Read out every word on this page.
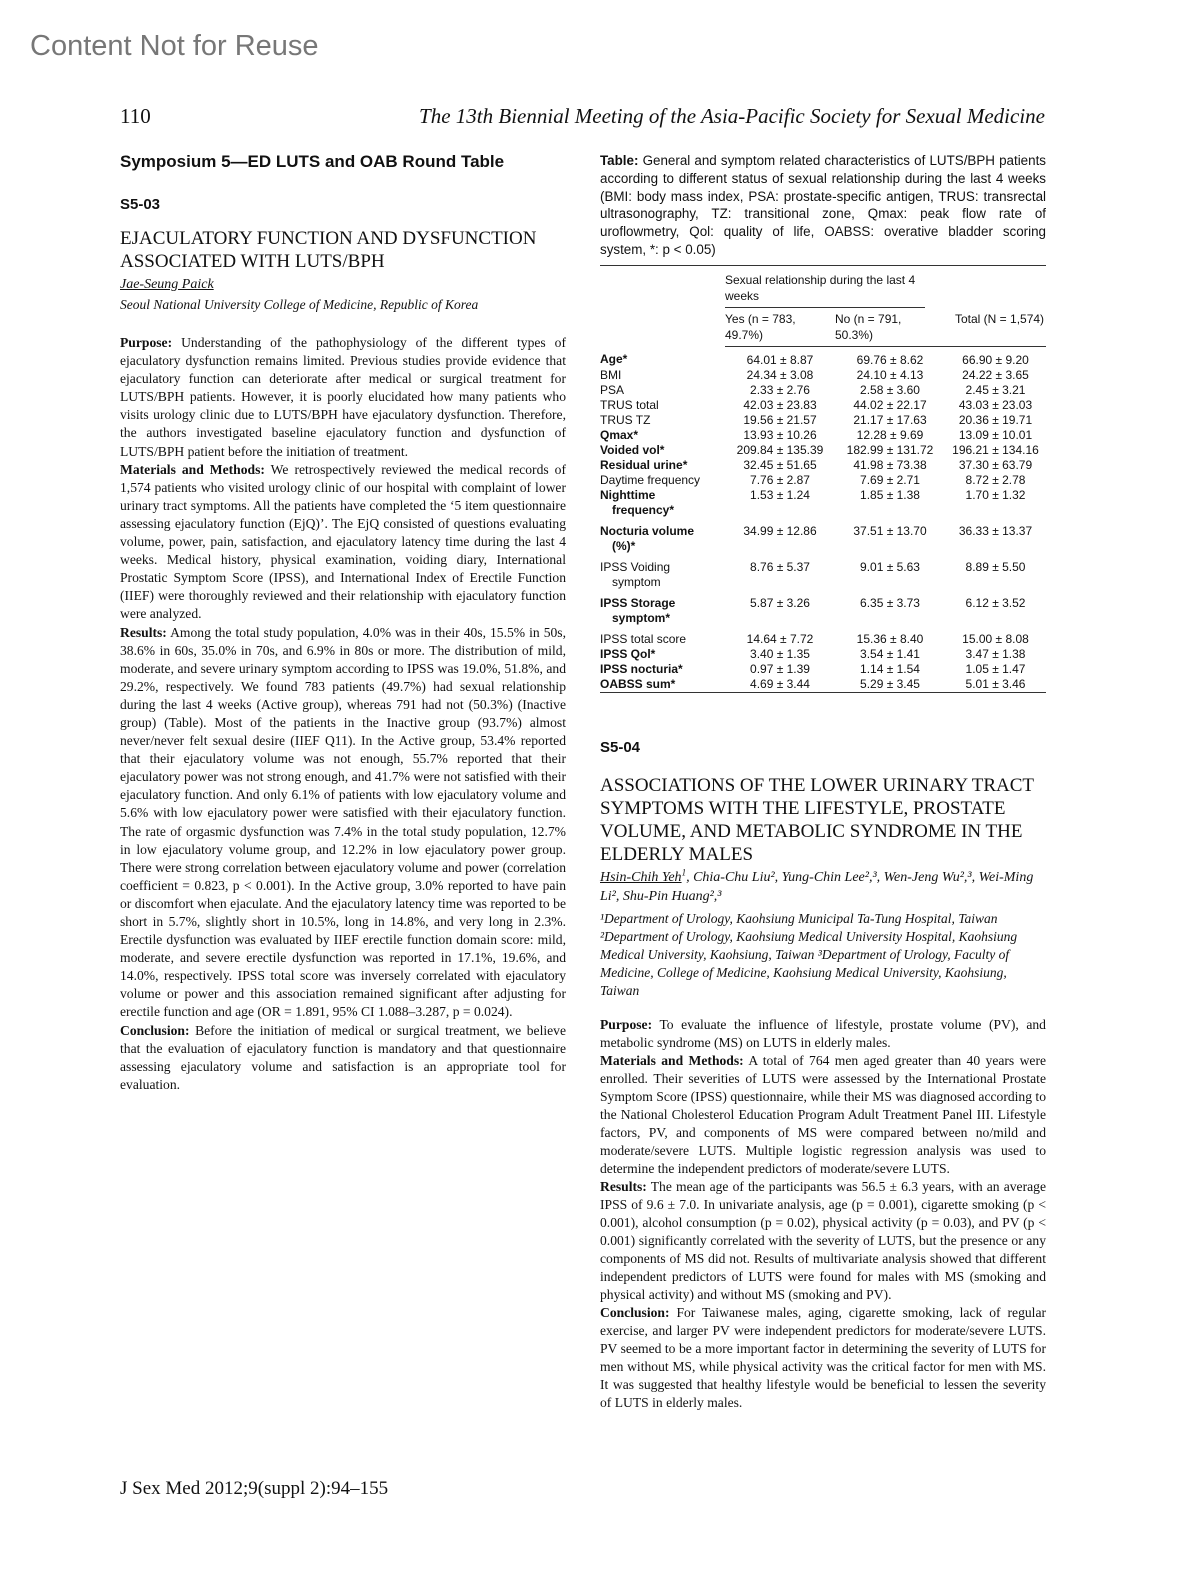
Content Not for Reuse
110	The 13th Biennial Meeting of the Asia-Pacific Society for Sexual Medicine
Symposium 5—ED LUTS and OAB Round Table
S5-03
EJACULATORY FUNCTION AND DYSFUNCTION ASSOCIATED WITH LUTS/BPH
Jae-Seung Paick
Seoul National University College of Medicine, Republic of Korea

Purpose: Understanding of the pathophysiology of the different types of ejaculatory dysfunction remains limited. Previous studies provide evidence that ejaculatory function can deteriorate after medical or surgical treatment for LUTS/BPH patients. However, it is poorly elucidated how many patients who visits urology clinic due to LUTS/BPH have ejaculatory dysfunction. Therefore, the authors investigated baseline ejaculatory function and dysfunction of LUTS/BPH patient before the initiation of treatment.

Materials and Methods: We retrospectively reviewed the medical records of 1,574 patients who visited urology clinic of our hospital with complaint of lower urinary tract symptoms. All the patients have completed the ‘5 item questionnaire assessing ejaculatory function (EjQ)’. The EjQ consisted of questions evaluating volume, power, pain, satisfaction, and ejaculatory latency time during the last 4 weeks. Medical history, physical examination, voiding diary, International Prostatic Symptom Score (IPSS), and International Index of Erectile Function (IIEF) were thoroughly reviewed and their relationship with ejaculatory function were analyzed.

Results: Among the total study population, 4.0% was in their 40s, 15.5% in 50s, 38.6% in 60s, 35.0% in 70s, and 6.9% in 80s or more. The distribution of mild, moderate, and severe urinary symptom according to IPSS was 19.0%, 51.8%, and 29.2%, respectively. We found 783 patients (49.7%) had sexual relationship during the last 4 weeks (Active group), whereas 791 had not (50.3%) (Inactive group) (Table). Most of the patients in the Inactive group (93.7%) almost never/never felt sexual desire (IIEF Q11). In the Active group, 53.4% reported that their ejaculatory volume was not enough, 55.7% reported that their ejaculatory power was not strong enough, and 41.7% were not satisfied with their ejaculatory function. And only 6.1% of patients with low ejaculatory volume and 5.6% with low ejaculatory power were satisfied with their ejaculatory function. The rate of orgasmic dysfunction was 7.4% in the total study population, 12.7% in low ejaculatory volume group, and 12.2% in low ejaculatory power group. There were strong correlation between ejaculatory volume and power (correlation coefficient = 0.823, p < 0.001). In the Active group, 3.0% reported to have pain or discomfort when ejaculate. And the ejaculatory latency time was reported to be short in 5.7%, slightly short in 10.5%, long in 14.8%, and very long in 2.3%. Erectile dysfunction was evaluated by IIEF erectile function domain score: mild, moderate, and severe erectile dysfunction was reported in 17.1%, 19.6%, and 14.0%, respectively. IPSS total score was inversely correlated with ejaculatory volume or power and this association remained significant after adjusting for erectile function and age (OR = 1.891, 95% CI 1.088–3.287, p = 0.024).

Conclusion: Before the initiation of medical or surgical treatment, we believe that the evaluation of ejaculatory function is mandatory and that questionnaire assessing ejaculatory volume and satisfaction is an appropriate tool for evaluation.

Table: General and symptom related characteristics of LUTS/BPH patients according to different status of sexual relationship during the last 4 weeks (BMI: body mass index, PSA: prostate-specific antigen, TRUS: transrectal ultrasonography, TZ: transitional zone, Qmax: peak flow rate of uroflowmetry, Qol: quality of life, OABSS: overative bladder scoring system, *: p < 0.05)

	Sexual relationship during the last 4 weeks		

	Yes (n = 783, 49.7%)	No (n = 791, 50.3%)	Total (N = 1,574)

Age*	64.01 ± 8.87	69.76 ± 8.62	66.90 ± 9.20
BMI	24.34 ± 3.08	24.10 ± 4.13	24.22 ± 3.65
PSA	2.33 ± 2.76	2.58 ± 3.60	2.45 ± 3.21
TRUS total	42.03 ± 23.83	44.02 ± 22.17	43.03 ± 23.03
TRUS TZ	19.56 ± 21.57	21.17 ± 17.63	20.36 ± 19.71
Qmax*	13.93 ± 10.26	12.28 ± 9.69	13.09 ± 10.01
Voided vol*	209.84 ± 135.39	182.99 ± 131.72	196.21 ± 134.16
Residual urine*	32.45 ± 51.65	41.98 ± 73.38	37.30 ± 63.79
Daytime frequency	7.76 ± 2.87	7.69 ± 2.71	8.72 ± 2.78
Nighttime
frequency*	1.53 ± 1.24	1.85 ± 1.38	1.70 ± 1.32
Nocturia volume
(%)*	34.99 ± 12.86	37.51 ± 13.70	36.33 ± 13.37
IPSS Voiding
symptom	8.76 ± 5.37	9.01 ± 5.63	8.89 ± 5.50
IPSS Storage
symptom*	5.87 ± 3.26	6.35 ± 3.73	6.12 ± 3.52
IPSS total score	14.64 ± 7.72	15.36 ± 8.40	15.00 ± 8.08
IPSS Qol*	3.40 ± 1.35	3.54 ± 1.41	3.47 ± 1.38
IPSS nocturia*	0.97 ± 1.39	1.14 ± 1.54	1.05 ± 1.47
OABSS sum*	4.69 ± 3.44	5.29 ± 3.45	5.01 ± 3.46
S5-04
ASSOCIATIONS OF THE LOWER URINARY TRACT SYMPTOMS WITH THE LIFESTYLE, PROSTATE VOLUME, AND METABOLIC SYNDROME IN THE ELDERLY MALES
Hsin-Chih Yeh$^1$, Chia-Chu Liu², Yung-Chin Lee²,³, Wen-Jeng Wu²,³, Wei-Ming Li², Shu-Pin Huang²,³
¹Department of Urology, Kaohsiung Municipal Ta-Tung Hospital, Taiwan ²Department of Urology, Kaohsiung Medical University Hospital, Kaohsiung Medical University, Kaohsiung, Taiwan ³Department of Urology, Faculty of Medicine, College of Medicine, Kaohsiung Medical University, Kaohsiung, Taiwan

Purpose: To evaluate the influence of lifestyle, prostate volume (PV), and metabolic syndrome (MS) on LUTS in elderly males.

Materials and Methods: A total of 764 men aged greater than 40 years were enrolled. Their severities of LUTS were assessed by the International Prostate Symptom Score (IPSS) questionnaire, while their MS was diagnosed according to the National Cholesterol Education Program Adult Treatment Panel III. Lifestyle factors, PV, and components of MS were compared between no/mild and moderate/severe LUTS. Multiple logistic regression analysis was used to determine the independent predictors of moderate/severe LUTS.

Results: The mean age of the participants was 56.5 ± 6.3 years, with an average IPSS of 9.6 ± 7.0. In univariate analysis, age (p = 0.001), cigarette smoking (p < 0.001), alcohol consumption (p = 0.02), physical activity (p = 0.03), and PV (p < 0.001) significantly correlated with the severity of LUTS, but the presence or any components of MS did not. Results of multivariate analysis showed that different independent predictors of LUTS were found for males with MS (smoking and physical activity) and without MS (smoking and PV).

Conclusion: For Taiwanese males, aging, cigarette smoking, lack of regular exercise, and larger PV were independent predictors for moderate/severe LUTS. PV seemed to be a more important factor in determining the severity of LUTS for men without MS, while physical activity was the critical factor for men with MS. It was suggested that healthy lifestyle would be beneficial to lessen the severity of LUTS in elderly males.

J Sex Med 2012;9(suppl 2):94–155
